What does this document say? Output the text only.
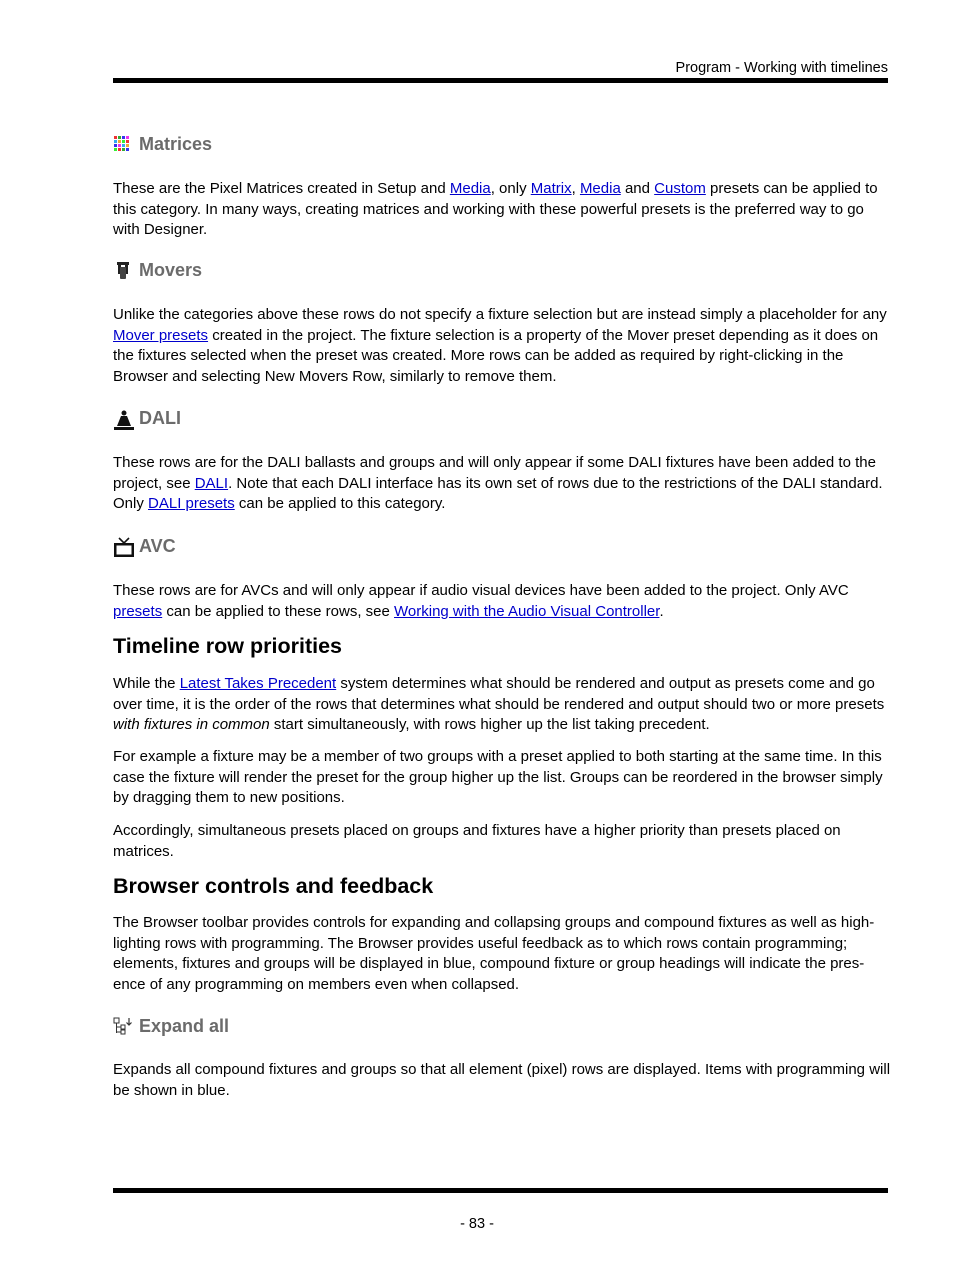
Program - Working with timelines
Matrices

These are the Pixel Matrices created in Setup and Media, only Matrix, Media and Custom presets can be applied to this category. In many ways, creating matrices and working with these powerful presets is the preferred way to go with Designer.

Movers

Unlike the categories above these rows do not specify a fixture selection but are instead simply a placeholder for any Mover presets created in the project. The fixture selection is a property of the Mover preset depending as it does on the fixtures selected when the preset was created. More rows can be added as required by right-clicking in the Browser and selecting New Movers Row, similarly to remove them.

DALI

These rows are for the DALI ballasts and groups and will only appear if some DALI fixtures have been added to the project, see DALI. Note that each DALI interface has its own set of rows due to the restrictions of the DALI standard. Only DALI presets can be applied to this category.

AVC

These rows are for AVCs and will only appear if audio visual devices have been added to the project. Only AVC presets can be applied to these rows, see Working with the Audio Visual Controller.

Timeline row priorities

While the Latest Takes Precedent system determines what should be rendered and output as presets come and go over time, it is the order of the rows that determines what should be rendered and output should two or more presets with fixtures in common start simultaneously, with rows higher up the list taking precedent.

For example a fixture may be a member of two groups with a preset applied to both starting at the same time. In this case the fixture will render the preset for the group higher up the list. Groups can be reordered in the browser simply by dragging them to new positions.

Accordingly, simultaneous presets placed on groups and fixtures have a higher priority than presets placed on matrices.

Browser controls and feedback

The Browser toolbar provides controls for expanding and collapsing groups and compound fixtures as well as high-lighting rows with programming. The Browser provides useful feedback as to which rows contain programming; elements, fixtures and groups will be displayed in blue, compound fixture or group headings will indicate the pres-ence of any programming on members even when collapsed.

Expand all

Expands all compound fixtures and groups so that all element (pixel) rows are displayed. Items with programming will be shown in blue.

- 83 -
